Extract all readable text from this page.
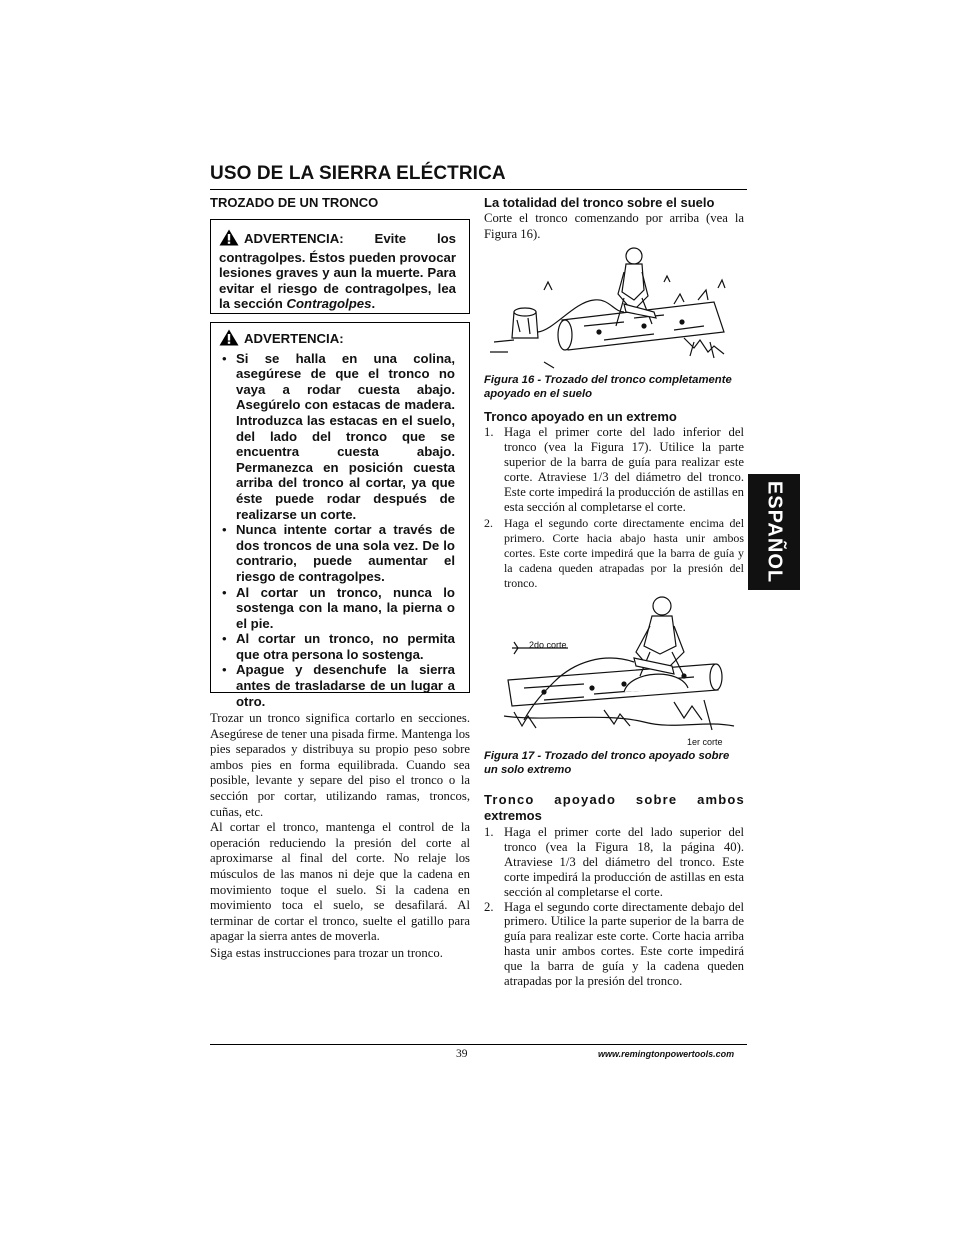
USO DE LA SIERRA ELÉCTRICA
TROZADO DE UN TRONCO
ADVERTENCIA: Evite los contragolpes. Éstos pueden provocar lesiones graves y aun la muerte. Para evitar el riesgo de contragolpes, lea la sección Contragolpes.
ADVERTENCIA:
• Si se halla en una colina, asegúrese de que el tronco no vaya a rodar cuesta abajo. Asegúrelo con estacas de madera. Introduzca las estacas en el suelo, del lado del tronco que se encuentra cuesta abajo. Permanezca en posición cuesta arriba del tronco al cortar, ya que éste puede rodar después de realizarse un corte.
• Nunca intente cortar a través de dos troncos de una sola vez. De lo contrario, puede aumentar el riesgo de contragolpes.
• Al cortar un tronco, nunca lo sostenga con la mano, la pierna o el pie.
• Al cortar un tronco, no permita que otra persona lo sostenga.
• Apague y desenchufe la sierra antes de trasladarse de un lugar a otro.

Trozar un tronco significa cortarlo en secciones. Asegúrese de tener una pisada firme. Mantenga los pies separados y distribuya su propio peso sobre ambos pies en forma equilibrada. Cuando sea posible, levante y separe del piso el tronco o la sección por cortar, utilizando ramas, troncos, cuñas, etc.

Al cortar el tronco, mantenga el control de la operación reduciendo la presión del corte al aproximarse al final del corte. No relaje los músculos de las manos ni deje que la cadena en movimiento toque el suelo. Si la cadena en movimiento toca el suelo, se desafilará. Al terminar de cortar el tronco, suelte el gatillo para apagar la sierra antes de moverla.

Siga estas instrucciones para trozar un tronco.

La totalidad del tronco sobre el suelo
Corte el tronco comenzando por arriba (vea la Figura 16).
Figura 16 - Trozado del tronco completamente apoyado en el suelo
Tronco apoyado en un extremo
1. Haga el primer corte del lado inferior del tronco (vea la Figura 17). Utilice la parte superior de la barra de guía para realizar este corte. Atraviese 1/3 del diámetro del tronco. Este corte impedirá la producción de astillas en esta sección al completarse el corte.
2. Haga el segundo corte directamente encima del primero. Corte hacia abajo hasta unir ambos cortes. Este corte impedirá que la barra de guía y la cadena queden atrapadas por la presión del tronco.
2do corte
1er corte
Figura 17 - Trozado del tronco apoyado sobre un solo extremo
Tronco apoyado sobre ambos
extremos
1. Haga el primer corte del lado superior del tronco (vea la Figura 18, la página 40). Atraviese 1/3 del diámetro del tronco. Este corte impedirá la producción de astillas en esta sección al completarse el corte.
2. Haga el segundo corte directamente debajo del primero. Utilice la parte superior de la barra de guía para realizar este corte. Corte hacia arriba hasta unir ambos cortes. Este corte impedirá que la barra de guía y la cadena queden atrapadas por la presión del tronco.
ESPAÑOL
39	www.remingtonpowertools.com
